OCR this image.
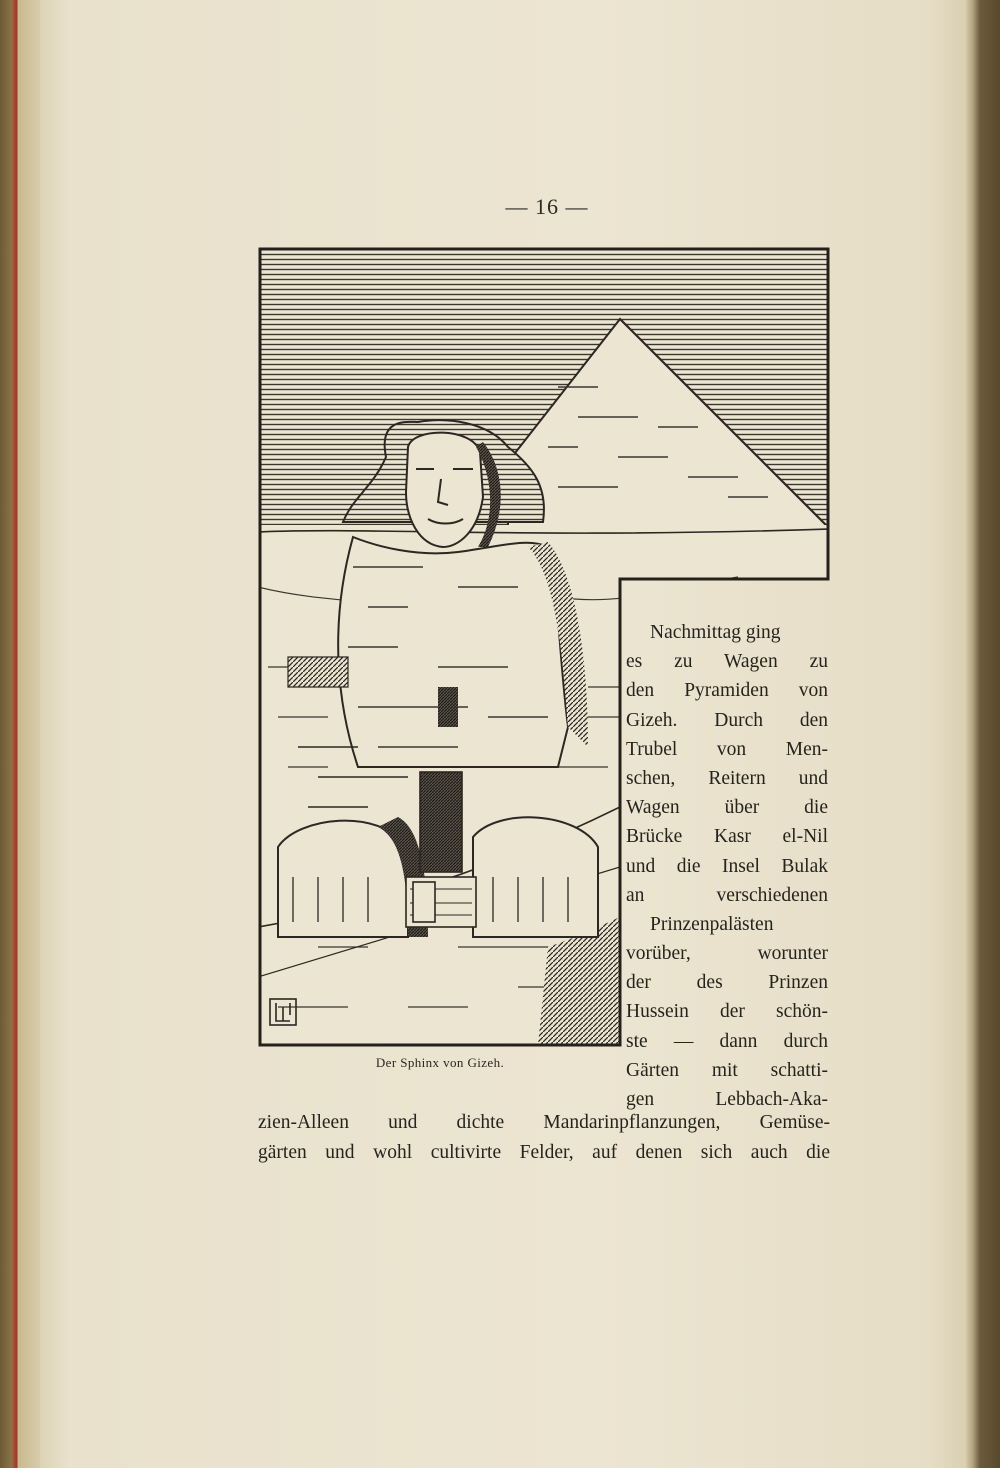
— 16 —
Der Sphinx von Gizeh.
Nachmittag ging
es zu Wagen zu
den Pyramiden von
Gizeh. Durch den
Trubel von Men-
schen, Reitern und
Wagen über die
Brücke Kasr el-Nil
und die Insel Bulak
an verschiedenen
Prinzenpalästen
vorüber, worunter
der des Prinzen
Hussein der schön-
ste — dann durch
Gärten mit schatti-
gen Lebbach-Aka-
zien-Alleen und dichte Mandarinpflanzungen, Gemüse-
gärten und wohl cultivirte Felder, auf denen sich auch die
